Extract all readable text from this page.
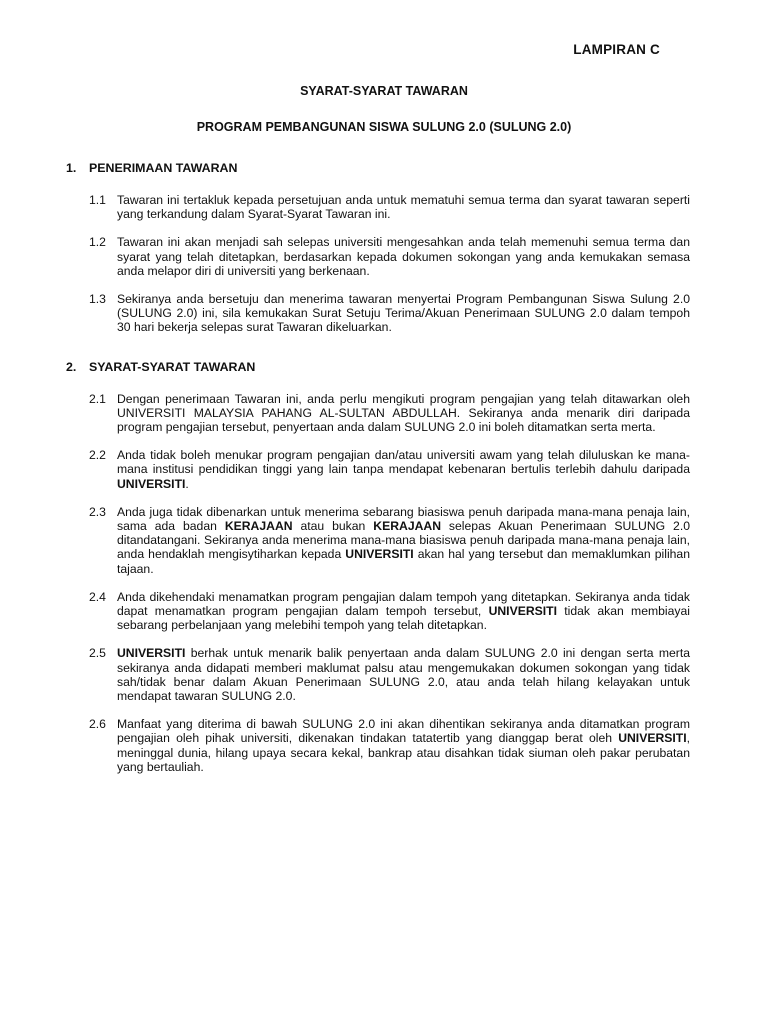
LAMPIRAN C
SYARAT-SYARAT TAWARAN
PROGRAM PEMBANGUNAN SISWA SULUNG 2.0 (SULUNG 2.0)
1.	PENERIMAAN TAWARAN
1.1 Tawaran ini tertakluk kepada persetujuan anda untuk mematuhi semua terma dan syarat tawaran seperti yang terkandung dalam Syarat-Syarat Tawaran ini.
1.2 Tawaran ini akan menjadi sah selepas universiti mengesahkan anda telah memenuhi semua terma dan syarat yang telah ditetapkan, berdasarkan kepada dokumen sokongan yang anda kemukakan semasa anda melapor diri di universiti yang berkenaan.
1.3 Sekiranya anda bersetuju dan menerima tawaran menyertai Program Pembangunan Siswa Sulung 2.0 (SULUNG 2.0) ini, sila kemukakan Surat Setuju Terima/Akuan Penerimaan SULUNG 2.0 dalam tempoh 30 hari bekerja selepas surat Tawaran dikeluarkan.
2.	SYARAT-SYARAT TAWARAN
2.1 Dengan penerimaan Tawaran ini, anda perlu mengikuti program pengajian yang telah ditawarkan oleh UNIVERSITI MALAYSIA PAHANG AL-SULTAN ABDULLAH. Sekiranya anda menarik diri daripada program pengajian tersebut, penyertaan anda dalam SULUNG 2.0 ini boleh ditamatkan serta merta.
2.2 Anda tidak boleh menukar program pengajian dan/atau universiti awam yang telah diluluskan ke mana-mana institusi pendidikan tinggi yang lain tanpa mendapat kebenaran bertulis terlebih dahulu daripada UNIVERSITI.
2.3 Anda juga tidak dibenarkan untuk menerima sebarang biasiswa penuh daripada mana-mana penaja lain, sama ada badan KERAJAAN atau bukan KERAJAAN selepas Akuan Penerimaan SULUNG 2.0 ditandatangani. Sekiranya anda menerima mana-mana biasiswa penuh daripada mana-mana penaja lain, anda hendaklah mengisytiharkan kepada UNIVERSITI akan hal yang tersebut dan memaklumkan pilihan tajaan.
2.4 Anda dikehendaki menamatkan program pengajian dalam tempoh yang ditetapkan. Sekiranya anda tidak dapat menamatkan program pengajian dalam tempoh tersebut, UNIVERSITI tidak akan membiayai sebarang perbelanjaan yang melebihi tempoh yang telah ditetapkan.
2.5 UNIVERSITI berhak untuk menarik balik penyertaan anda dalam SULUNG 2.0 ini dengan serta merta sekiranya anda didapati memberi maklumat palsu atau mengemukakan dokumen sokongan yang tidak sah/tidak benar dalam Akuan Penerimaan SULUNG 2.0, atau anda telah hilang kelayakan untuk mendapat tawaran SULUNG 2.0.
2.6 Manfaat yang diterima di bawah SULUNG 2.0 ini akan dihentikan sekiranya anda ditamatkan program pengajian oleh pihak universiti, dikenakan tindakan tatatertib yang dianggap berat oleh UNIVERSITI, meninggal dunia, hilang upaya secara kekal, bankrap atau disahkan tidak siuman oleh pakar perubatan yang bertauliah.
